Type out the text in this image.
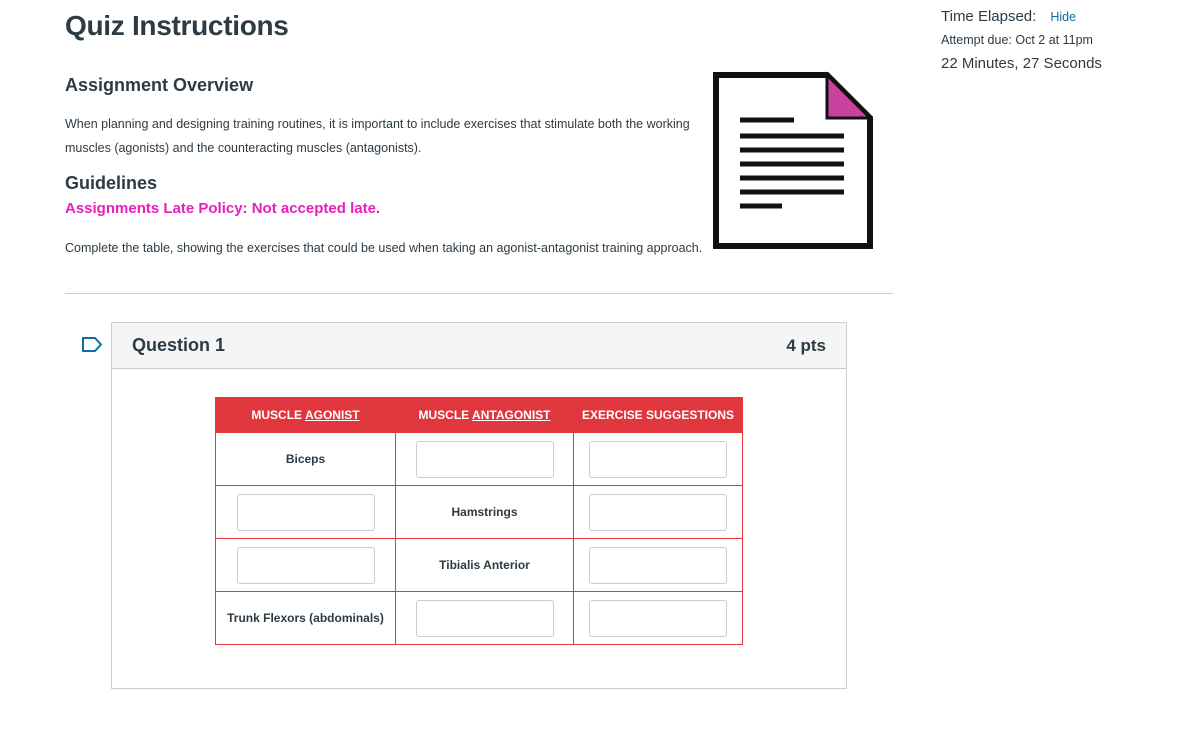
Quiz Instructions
Assignment Overview

When planning and designing training routines, it is important to include exercises that stimulate both the working muscles (agonists) and the counteracting muscles (antagonists).

Guidelines

Assignments Late Policy: Not accepted late.

Complete the table, showing the exercises that could be used when taking an agonist-antagonist training approach.

Question 1	4 pts
MUSCLE AGONIST	MUSCLE ANTAGONIST	EXERCISE SUGGESTIONS
Biceps	

	Hamstrings	

	Tibialis Anterior	

Trunk Flexors (abdominals)	

Time Elapsed: Hide
Attempt due: Oct 2 at 11pm
22 Minutes, 27 Seconds
